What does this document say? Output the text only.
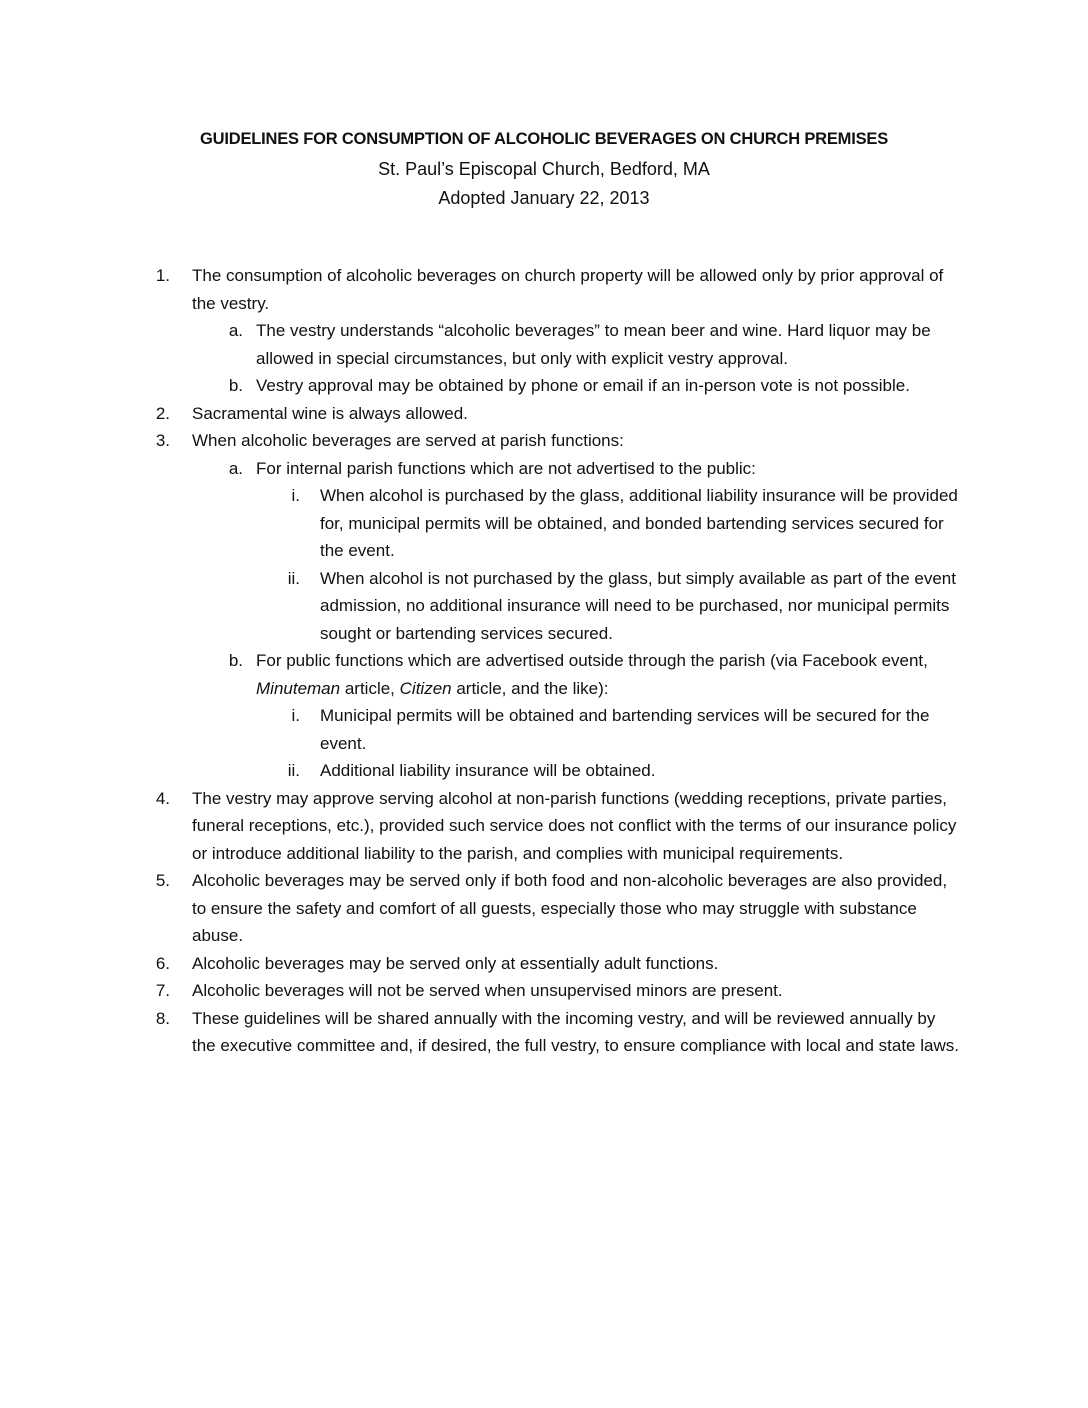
GUIDELINES FOR CONSUMPTION OF ALCOHOLIC BEVERAGES ON CHURCH PREMISES
St. Paul’s Episcopal Church, Bedford, MA
Adopted January 22, 2013
1. The consumption of alcoholic beverages on church property will be allowed only by prior approval of the vestry.
a. The vestry understands “alcoholic beverages” to mean beer and wine. Hard liquor may be allowed in special circumstances, but only with explicit vestry approval.
b. Vestry approval may be obtained by phone or email if an in-person vote is not possible.
2. Sacramental wine is always allowed.
3. When alcoholic beverages are served at parish functions:
a. For internal parish functions which are not advertised to the public:
i. When alcohol is purchased by the glass, additional liability insurance will be provided for, municipal permits will be obtained, and bonded bartending services secured for the event.
ii. When alcohol is not purchased by the glass, but simply available as part of the event admission, no additional insurance will need to be purchased, nor municipal permits sought or bartending services secured.
b. For public functions which are advertised outside through the parish (via Facebook event, Minuteman article, Citizen article, and the like):
i. Municipal permits will be obtained and bartending services will be secured for the event.
ii. Additional liability insurance will be obtained.
4. The vestry may approve serving alcohol at non-parish functions (wedding receptions, private parties, funeral receptions, etc.), provided such service does not conflict with the terms of our insurance policy or introduce additional liability to the parish, and complies with municipal requirements.
5. Alcoholic beverages may be served only if both food and non-alcoholic beverages are also provided, to ensure the safety and comfort of all guests, especially those who may struggle with substance abuse.
6. Alcoholic beverages may be served only at essentially adult functions.
7. Alcoholic beverages will not be served when unsupervised minors are present.
8. These guidelines will be shared annually with the incoming vestry, and will be reviewed annually by the executive committee and, if desired, the full vestry, to ensure compliance with local and state laws.
